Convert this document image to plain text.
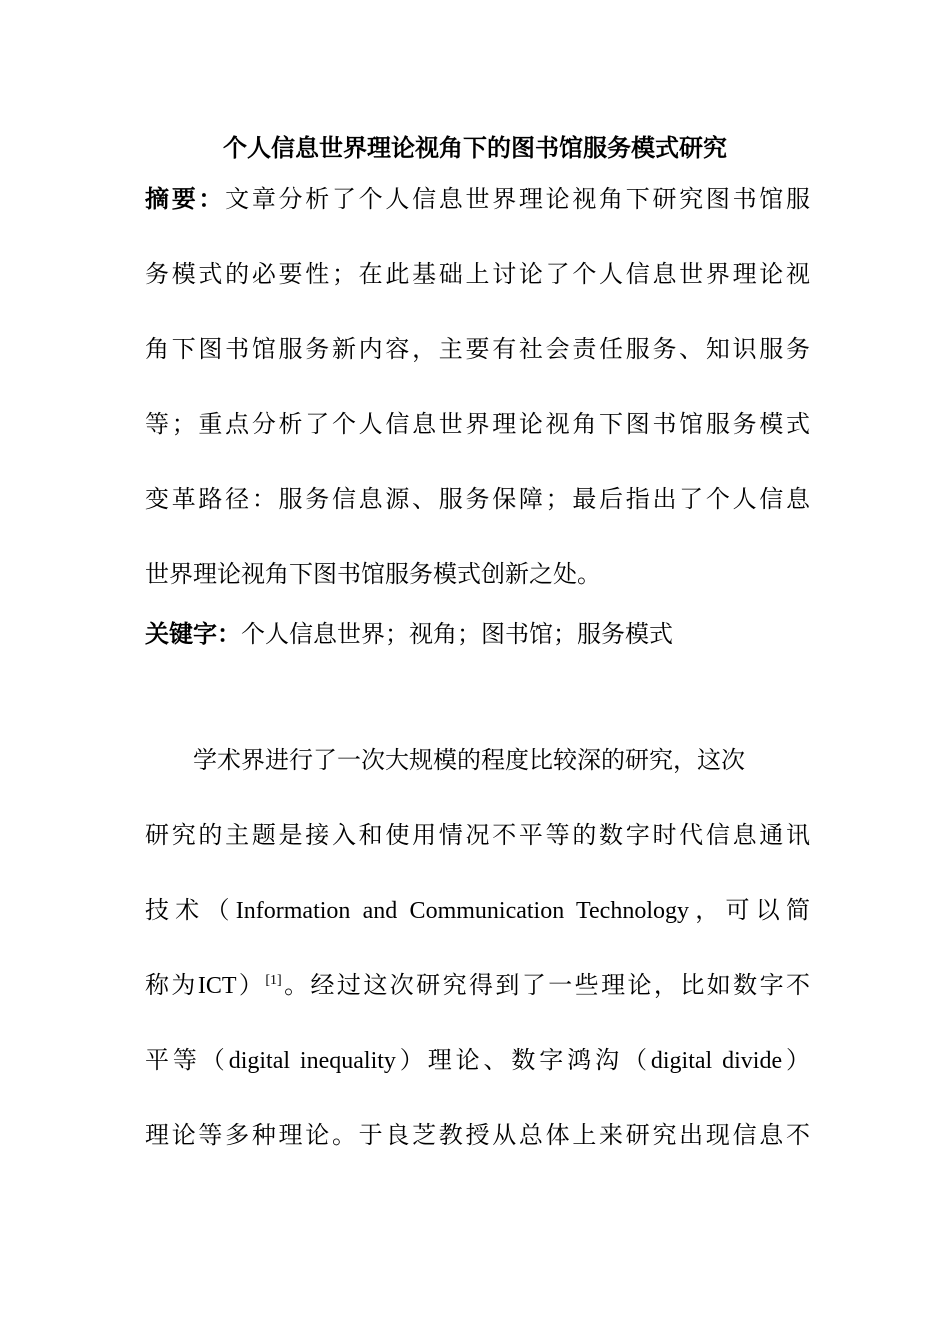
个人信息世界理论视角下的图书馆服务模式研究
摘要：文章分析了个人信息世界理论视角下研究图书馆服
务模式的必要性；在此基础上讨论了个人信息世界理论视
角下图书馆服务新内容，主要有社会责任服务、知识服务
等；重点分析了个人信息世界理论视角下图书馆服务模式
变革路径：服务信息源、服务保障；最后指出了个人信息
世界理论视角下图书馆服务模式创新之处。
关键字：个人信息世界；视角；图书馆；服务模式
学术界进行了一次大规模的程度比较深的研究，这次
研究的主题是接入和使用情况不平等的数字时代信息通讯
技术（Information and Communication Technology，可以简
称为ICT）[1]。经过这次研究得到了一些理论，比如数字不
平等（digital inequality）理论、数字鸿沟（digital divide）
理论等多种理论。于良芝教授从总体上来研究出现信息不
